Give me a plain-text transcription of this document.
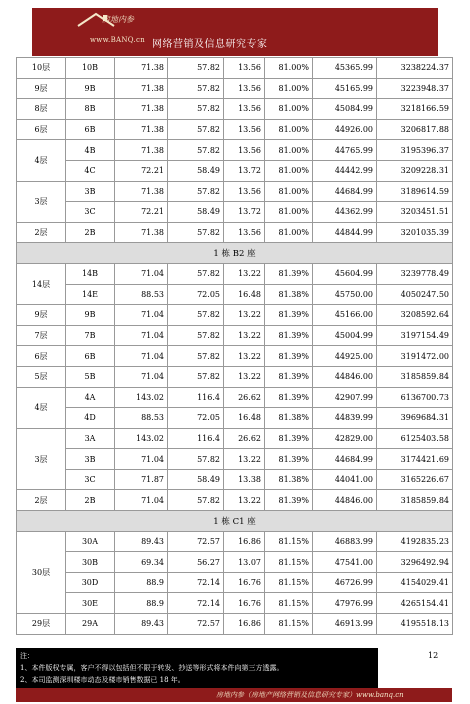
房地内参
www.BANQ.cn 网络营销及信息研究专家
10层	10B	71.38	57.82	13.56	81.00%	45365.99	3238224.37
9层	9B	71.38	57.82	13.56	81.00%	45165.99	3223948.37
8层	8B	71.38	57.82	13.56	81.00%	45084.99	3218166.59
6层	6B	71.38	57.82	13.56	81.00%	44926.00	3206817.88
4层	4B	71.38	57.82	13.56	81.00%	44765.99	3195396.37
	4C	72.21	58.49	13.72	81.00%	44442.99	3209228.31
3层	3B	71.38	57.82	13.56	81.00%	44684.99	3189614.59
	3C	72.21	58.49	13.72	81.00%	44362.99	3203451.51
2层	2B	71.38	57.82	13.56	81.00%	44844.99	3201035.39
1 栋 B2 座							
14层	14B	71.04	57.82	13.22	81.39%	45604.99	3239778.49
	14E	88.53	72.05	16.48	81.38%	45750.00	4050247.50
9层	9B	71.04	57.82	13.22	81.39%	45166.00	3208592.64
7层	7B	71.04	57.82	13.22	81.39%	45004.99	3197154.49
6层	6B	71.04	57.82	13.22	81.39%	44925.00	3191472.00
5层	5B	71.04	57.82	13.22	81.39%	44846.00	3185859.84
4层	4A	143.02	116.4	26.62	81.39%	42907.99	6136700.73
	4D	88.53	72.05	16.48	81.38%	44839.99	3969684.31
3层	3A	143.02	116.4	26.62	81.39%	42829.00	6125403.58
	3B	71.04	57.82	13.22	81.39%	44684.99	3174421.69
	3C	71.87	58.49	13.38	81.38%	44041.00	3165226.67
2层	2B	71.04	57.82	13.22	81.39%	44846.00	3185859.84
1 栋 C1 座							
30层	30A	89.43	72.57	16.86	81.15%	46883.99	4192835.23
	30B	69.34	56.27	13.07	81.15%	47541.00	3296492.94
	30D	88.9	72.14	16.76	81.15%	46726.99	4154029.41
	30E	88.9	72.14	16.76	81.15%	47976.99	4265154.41
29层	29A	89.43	72.57	16.86	81.15%	46913.99	4195518.13
12
注：
1、本件版权专属，客户不得以包括但不限于转发、抄送等形式将本件向第三方透露。
2、本司监测深圳楼市动态及楼市销售数据已 18 年。
房地内参（房地产网络营销及信息研究专家）www.banq.cn
